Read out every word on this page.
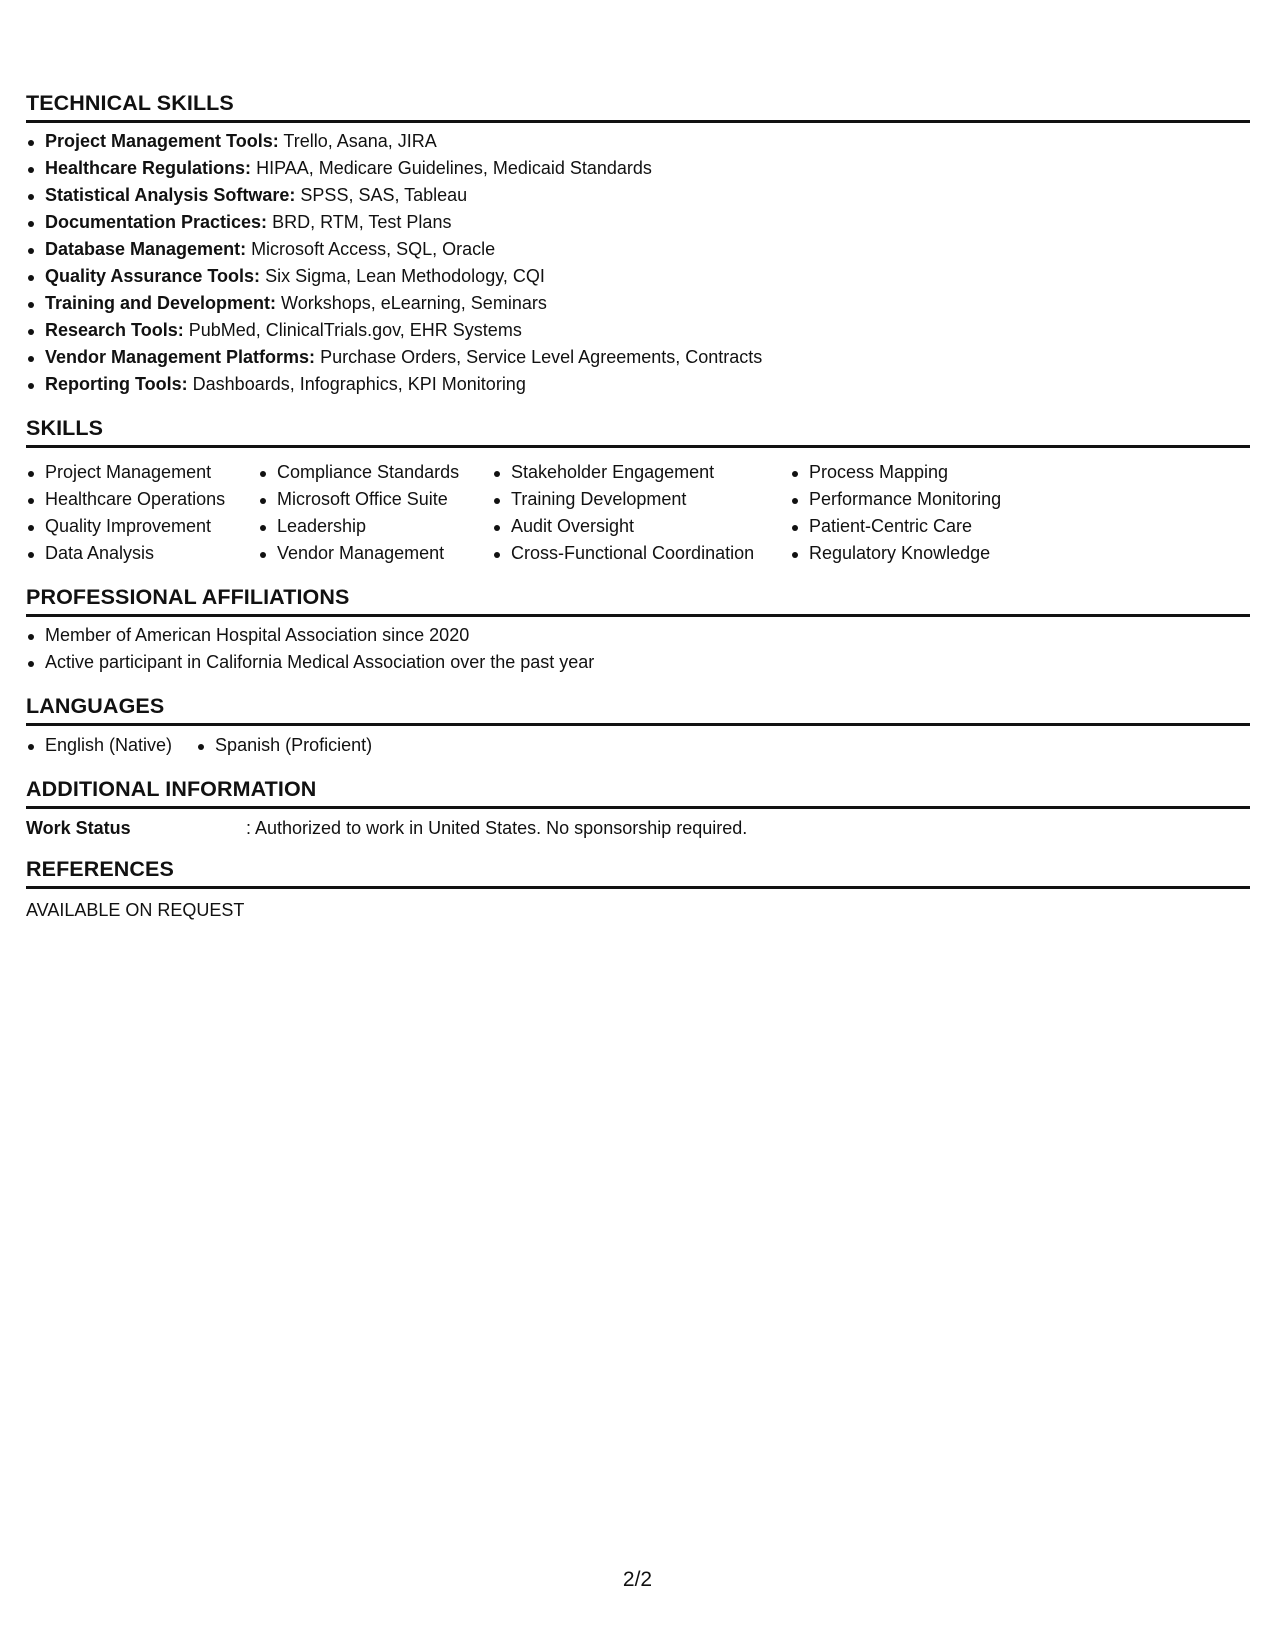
TECHNICAL SKILLS
Project Management Tools: Trello, Asana, JIRA
Healthcare Regulations: HIPAA, Medicare Guidelines, Medicaid Standards
Statistical Analysis Software: SPSS, SAS, Tableau
Documentation Practices: BRD, RTM, Test Plans
Database Management: Microsoft Access, SQL, Oracle
Quality Assurance Tools: Six Sigma, Lean Methodology, CQI
Training and Development: Workshops, eLearning, Seminars
Research Tools: PubMed, ClinicalTrials.gov, EHR Systems
Vendor Management Platforms: Purchase Orders, Service Level Agreements, Contracts
Reporting Tools: Dashboards, Infographics, KPI Monitoring
SKILLS
Project Management
Healthcare Operations
Quality Improvement
Data Analysis
Compliance Standards
Microsoft Office Suite
Leadership
Vendor Management
Stakeholder Engagement
Training Development
Audit Oversight
Cross-Functional Coordination
Process Mapping
Performance Monitoring
Patient-Centric Care
Regulatory Knowledge
PROFESSIONAL AFFILIATIONS
Member of American Hospital Association since 2020
Active participant in California Medical Association over the past year
LANGUAGES
English (Native)	Spanish (Proficient)
ADDITIONAL INFORMATION
Work Status	: Authorized to work in United States. No sponsorship required.
REFERENCES
AVAILABLE ON REQUEST
2/2
